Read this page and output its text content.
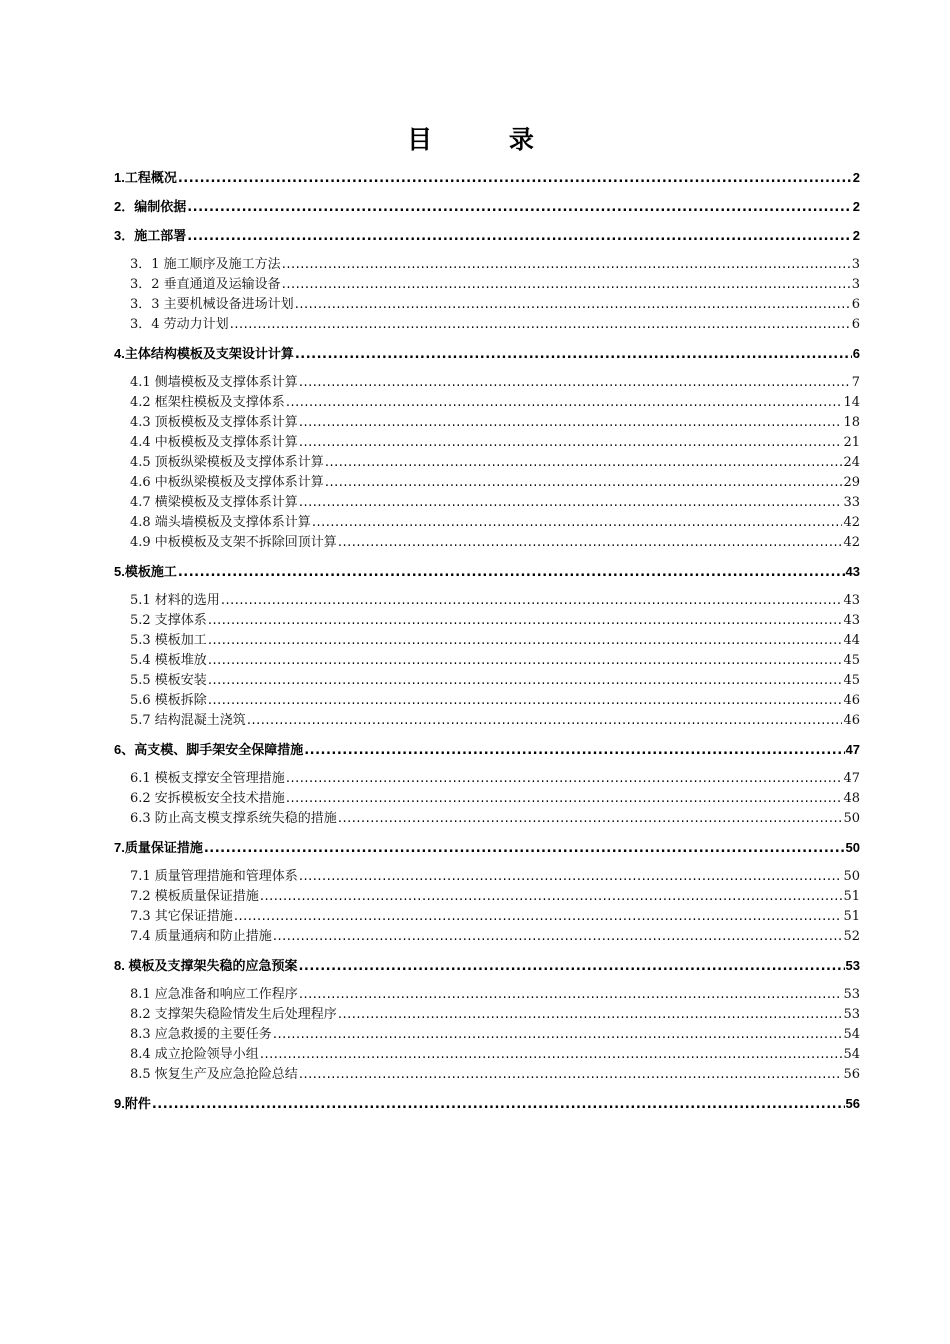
目 录
1.工程概况 .....	2
2．编制依据 .....	2
3．施工部署 .....	2
3．1 施工顺序及施工方法 .....	3
3．2 垂直通道及运输设备 .....	3
3．3 主要机械设备进场计划 .....	6
3．4 劳动力计划 .....	6
4.主体结构模板及支架设计计算 .....	6
4.1 侧墙模板及支撑体系计算 .....	7
4.2 框架柱模板及支撑体系 .....	14
4.3 顶板模板及支撑体系计算 .....	18
4.4 中板模板及支撑体系计算 .....	21
4.5 顶板纵梁模板及支撑体系计算 .....	24
4.6 中板纵梁模板及支撑体系计算 .....	29
4.7 横梁模板及支撑体系计算 .....	33
4.8 端头墙模板及支撑体系计算 .....	42
4.9 中板模板及支架不拆除回顶计算 .....	42
5.模板施工 .....	43
5.1 材料的选用 .....	43
5.2 支撑体系 .....	43
5.3 模板加工 .....	44
5.4 模板堆放 .....	45
5.5 模板安装 .....	45
5.6 模板拆除 .....	46
5.7 结构混凝土浇筑 .....	46
6、高支模、脚手架安全保障措施 .....	47
6.1 模板支撑安全管理措施 .....	47
6.2 安拆模板安全技术措施 .....	48
6.3 防止高支模支撑系统失稳的措施 .....	50
7.质量保证措施 .....	50
7.1 质量管理措施和管理体系 .....	50
7.2 模板质量保证措施 .....	51
7.3 其它保证措施 .....	51
7.4 质量通病和防止措施 .....	52
8. 模板及支撑架失稳的应急预案 .....	53
8.1 应急准备和响应工作程序 .....	53
8.2 支撑架失稳险情发生后处理程序 .....	53
8.3 应急救援的主要任务 .....	54
8.4 成立抢险领导小组 .....	54
8.5 恢复生产及应急抢险总结 .....	56
9.附件 .....	56
